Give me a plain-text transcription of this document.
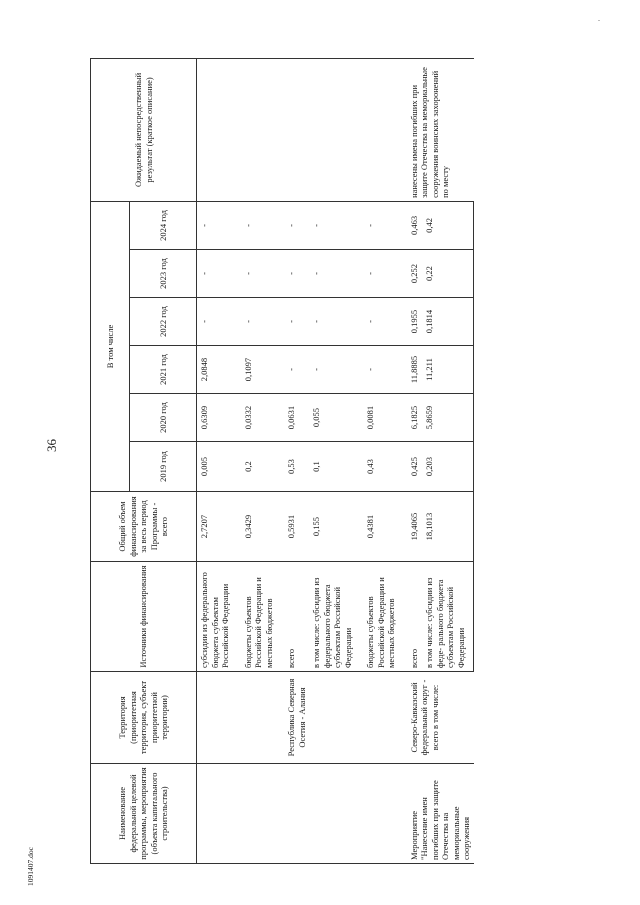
.
36
1091407.doc
Наименование федеральной целевой программы, мероприятия (объекта капитального строительства)	Территория (приоритетная территория, субъект приоритетной территории)	Источники финансирования	Общий объем финансирования за весь период Программы - всего	В том числе						Ожидаемый непосредственный результат (краткое описание)
				2019 год	2020 год	2021 год	2022 год	2023 год	2024 год	

		субсидии из федерального бюджета субъектам Российской Федерации	2,7207	0,005	0,6309	2,0848	-	-	-	

		бюджеты субъектов Российской Федерации и местных бюджетов	0,3429	0,2	0,0332	0,1097	-	-	-	

	Республика Северная Осетия - Алания	всего	0,5931	0,53	0,0631	-	-	-	-	
		в том числе: субсидии из федерального бюджета субъектам Российской Федерации	0,155	0,1	0,055	-	-	-	-	

		бюджеты субъектов Российской Федерации и местных бюджетов	0,4381	0,43	0,0081	-	-	-	-	

Мероприятие "Нанесение имен погибших при защите Отечества на мемориальные сооружения	Северо-Кавказский федеральный округ - всего в том числе:	всего	19,4065	0,425	6,1825	11,8885	0,1955	0,252	0,463	нанесены имена погибших при защите Отечества на мемориальные сооружения воинских захоронений по месту
		в том числе: субсидии из феде- рального бюджета субъектам Российской Федерации	18,1013	0,203	5,8659	11,211	0,1814	0,22	0,42	
